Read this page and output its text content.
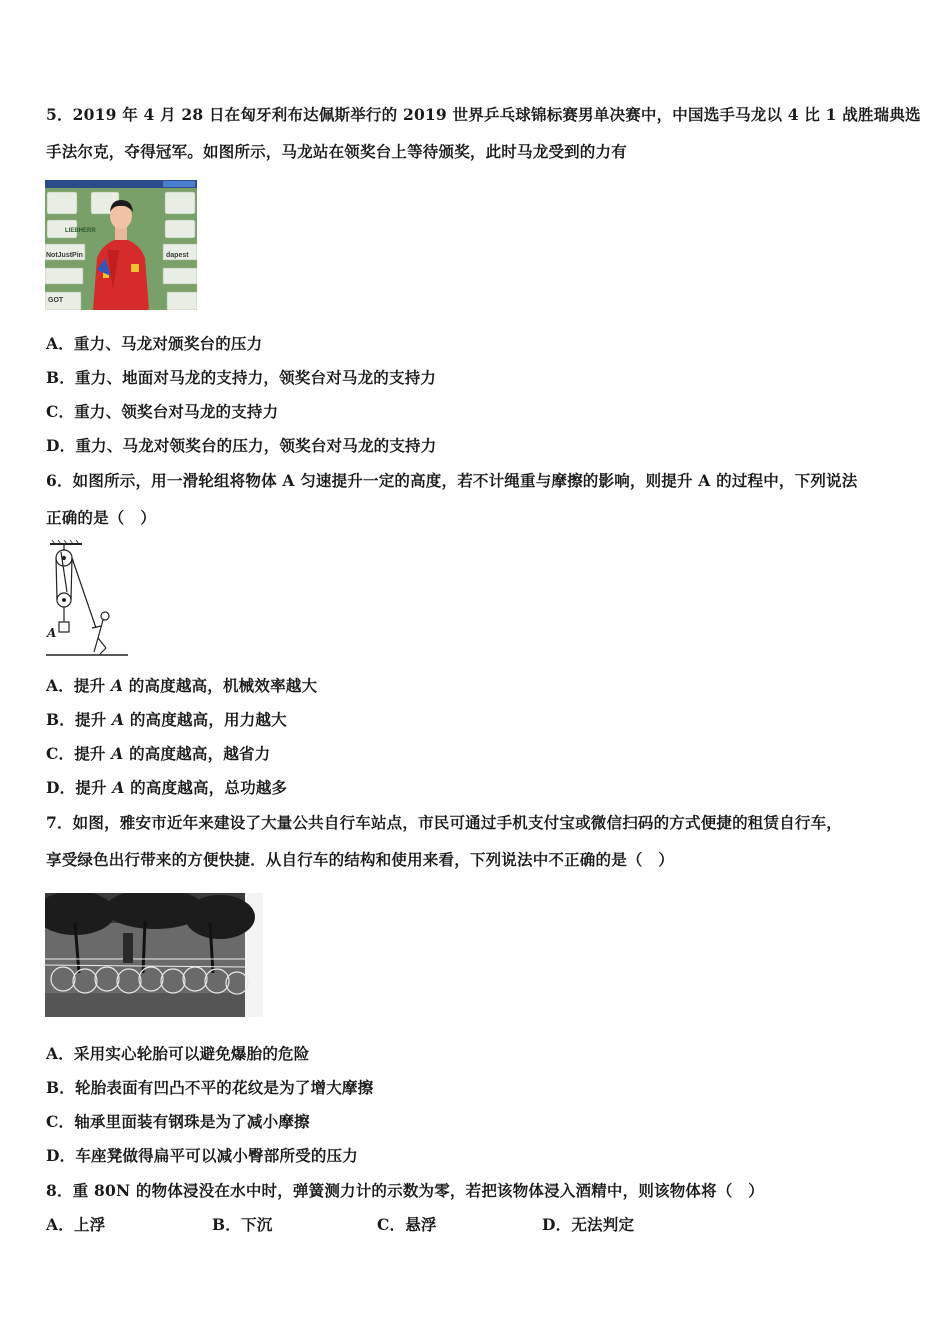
5．2019 年 4 月 28 日在匈牙利布达佩斯举行的 2019 世界乒乓球锦标赛男单决赛中，中国选手马龙以 4 比 1 战胜瑞典选
手法尔克，夺得冠军。如图所示，马龙站在领奖台上等待颁奖，此时马龙受到的力有
LIEBHERR
NotJustPin	dapest
GOT
A．重力、马龙对颁奖台的压力
B．重力、地面对马龙的支持力，领奖台对马龙的支持力
C．重力、领奖台对马龙的支持力
D．重力、马龙对领奖台的压力，领奖台对马龙的支持力
6．如图所示，用一滑轮组将物体 A 匀速提升一定的高度，若不计绳重与摩擦的影响，则提升 A 的过程中，下列说法
正确的是（　）
A
A．提升 A 的高度越高，机械效率越大
B．提升 A 的高度越高，用力越大
C．提升 A 的高度越高，越省力
D．提升 A 的高度越高，总功越多
7．如图，雅安市近年来建设了大量公共自行车站点，市民可通过手机支付宝或微信扫码的方式便捷的租赁自行车，
享受绿色出行带来的方便快捷．从自行车的结构和使用来看，下列说法中不正确的是（　）
A．采用实心轮胎可以避免爆胎的危险
B．轮胎表面有凹凸不平的花纹是为了增大摩擦
C．轴承里面装有钢珠是为了减小摩擦
D．车座凳做得扁平可以减小臀部所受的压力
8．重 80N 的物体浸没在水中时，弹簧测力计的示数为零，若把该物体浸入酒精中，则该物体将（　）
A．上浮	B．下沉	C．悬浮	D．无法判定
